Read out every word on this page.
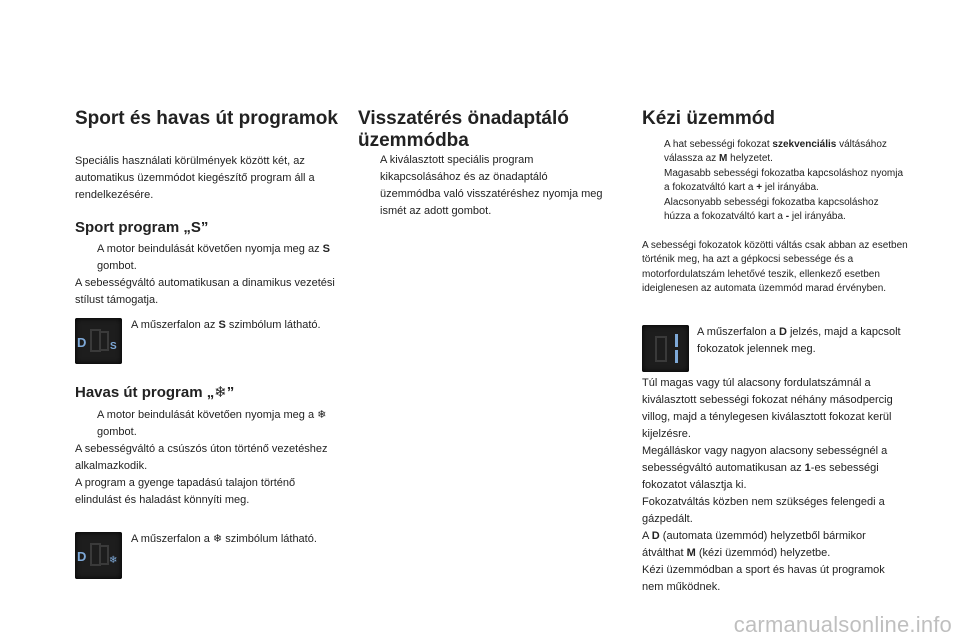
Sport és havas út programok

Speciális használati körülmények között két, az automatikus üzemmódot kiegészítő program áll a rendelkezésére.

Sport program „S”
A motor beindulását követően nyomja meg az S gombot.

A sebességváltó automatikusan a dinamikus vezetési stílust támogatja.

D S
A műszerfalon az S szimbólum látható.
Havas út program „❄”
A motor beindulását követően nyomja meg a ❄ gombot.

A sebességváltó a csúszós úton történő vezetéshez alkalmazkodik.
A program a gyenge tapadású talajon történő elindulást és haladást könnyíti meg.

D ❄
A műszerfalon a ❄ szimbólum látható.
Visszatérés önadaptáló üzemmódba
A kiválasztott speciális program kikapcsolásához és az önadaptáló üzemmódba való visszatéréshez nyomja meg ismét az adott gombot.
Kézi üzemmód
A hat sebességi fokozat szekvenciális váltásához válassza az M helyzetet.
Magasabb sebességi fokozatba kapcsoláshoz nyomja a fokozatváltó kart a + jel irányába.
Alacsonyabb sebességi fokozatba kapcsoláshoz húzza a fokozatváltó kart a - jel irányába.

A sebességi fokozatok közötti váltás csak abban az esetben történik meg, ha azt a gépkocsi sebessége és a motorfordulatszám lehetővé teszik, ellenkező esetben ideiglenesen az automata üzemmód marad érvényben.

1
A műszerfalon a D jelzés, majd a kapcsolt fokozatok jelennek meg.

Túl magas vagy túl alacsony fordulatszámnál a kiválasztott sebességi fokozat néhány másodpercig villog, majd a ténylegesen kiválasztott fokozat kerül kijelzésre.
Megálláskor vagy nagyon alacsony sebességnél a sebességváltó automatikusan az 1-es sebességi fokozatot választja ki.
Fokozatváltás közben nem szükséges felengedi a gázpedált.
A D (automata üzemmód) helyzetből bármikor átválthat M (kézi üzemmód) helyzetbe.
Kézi üzemmódban a sport és havas út programok nem működnek.

carmanualsonline.info
